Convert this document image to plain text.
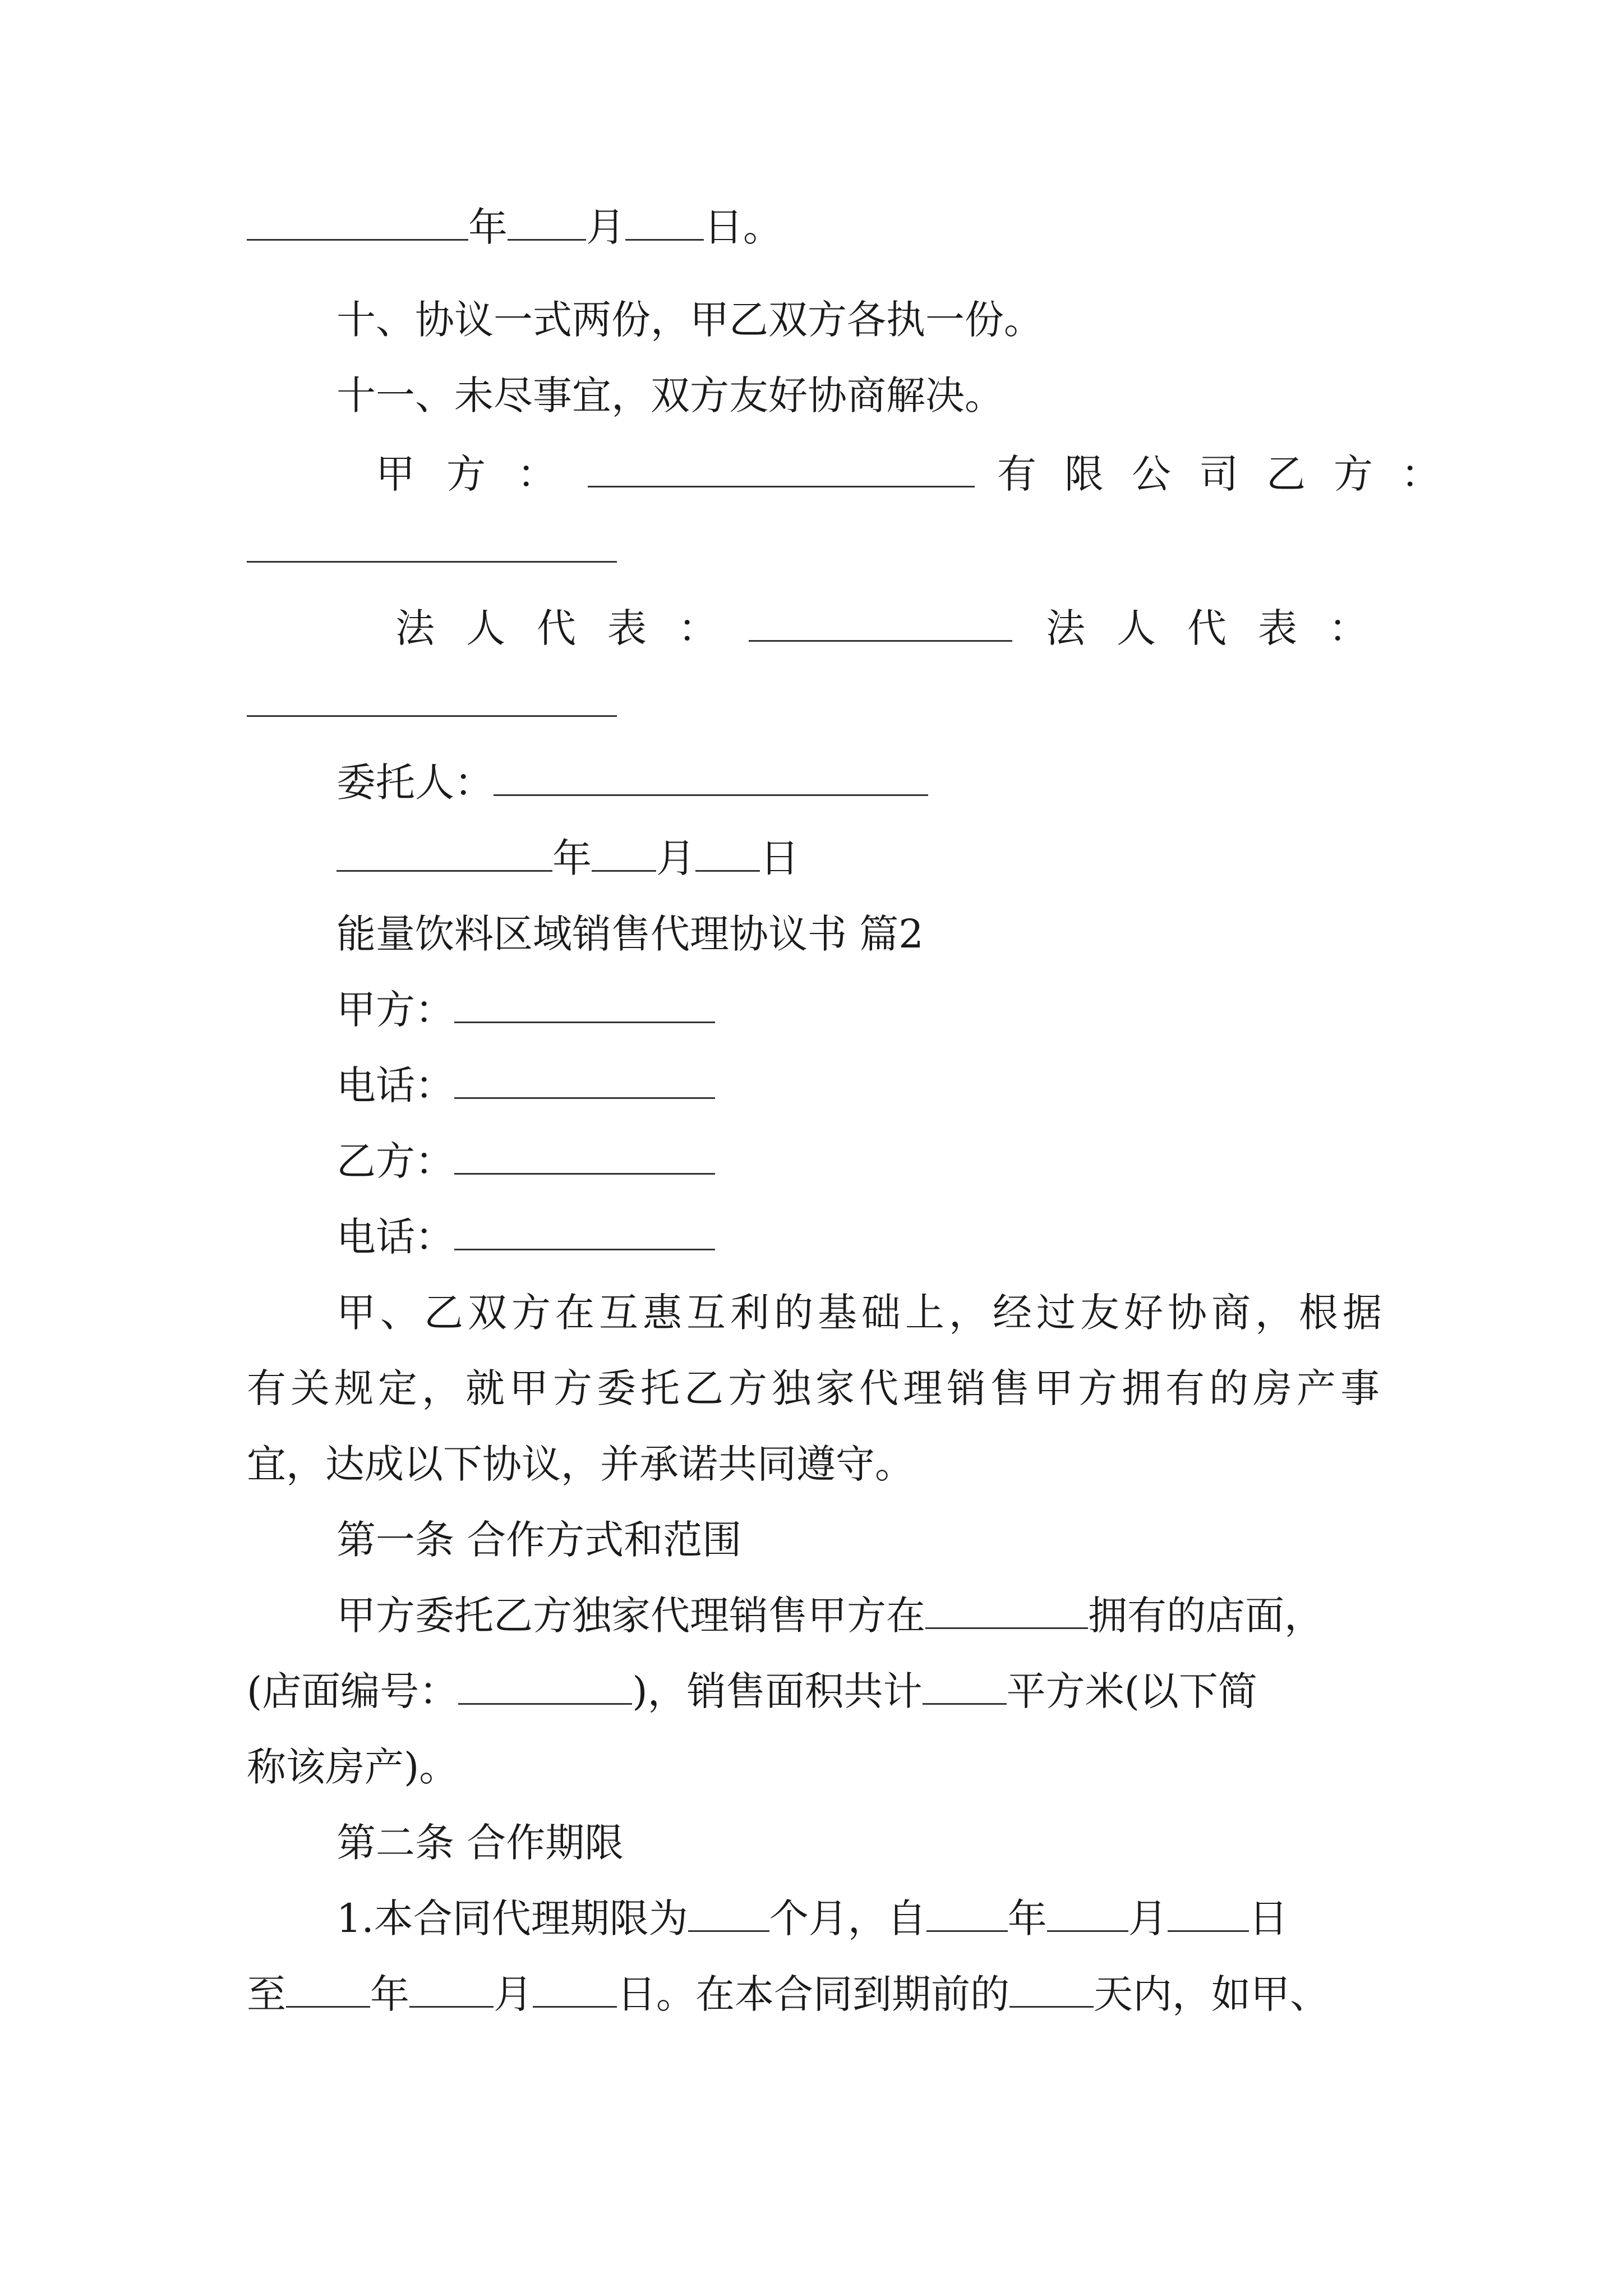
年 月 日。
十、协议一式两份，甲乙双方各执一份。
十一、未尽事宜，双方友好协商解决。
甲方：	有限公司乙方：
法人代表：	法人代表：
委托人：
年 月 日
能量饮料区域销售代理协议书 篇2
甲方：
电话：
乙方：
电话：
甲、乙双方在互惠互利的基础上，经过友好协商，根据
有关规定，就甲方委托乙方独家代理销售甲方拥有的房产事
宜，达成以下协议，并承诺共同遵守。
第一条 合作方式和范围
甲方委托乙方独家代理销售甲方在	拥有的店面，
(店面编号：	)，销售面积共计 平方米(以下简
称该房产)。
第二条 合作期限
1.本合同代理期限为 个月，自 年 月 日
至 年 月 日。在本合同到期前的 天内，如甲、
